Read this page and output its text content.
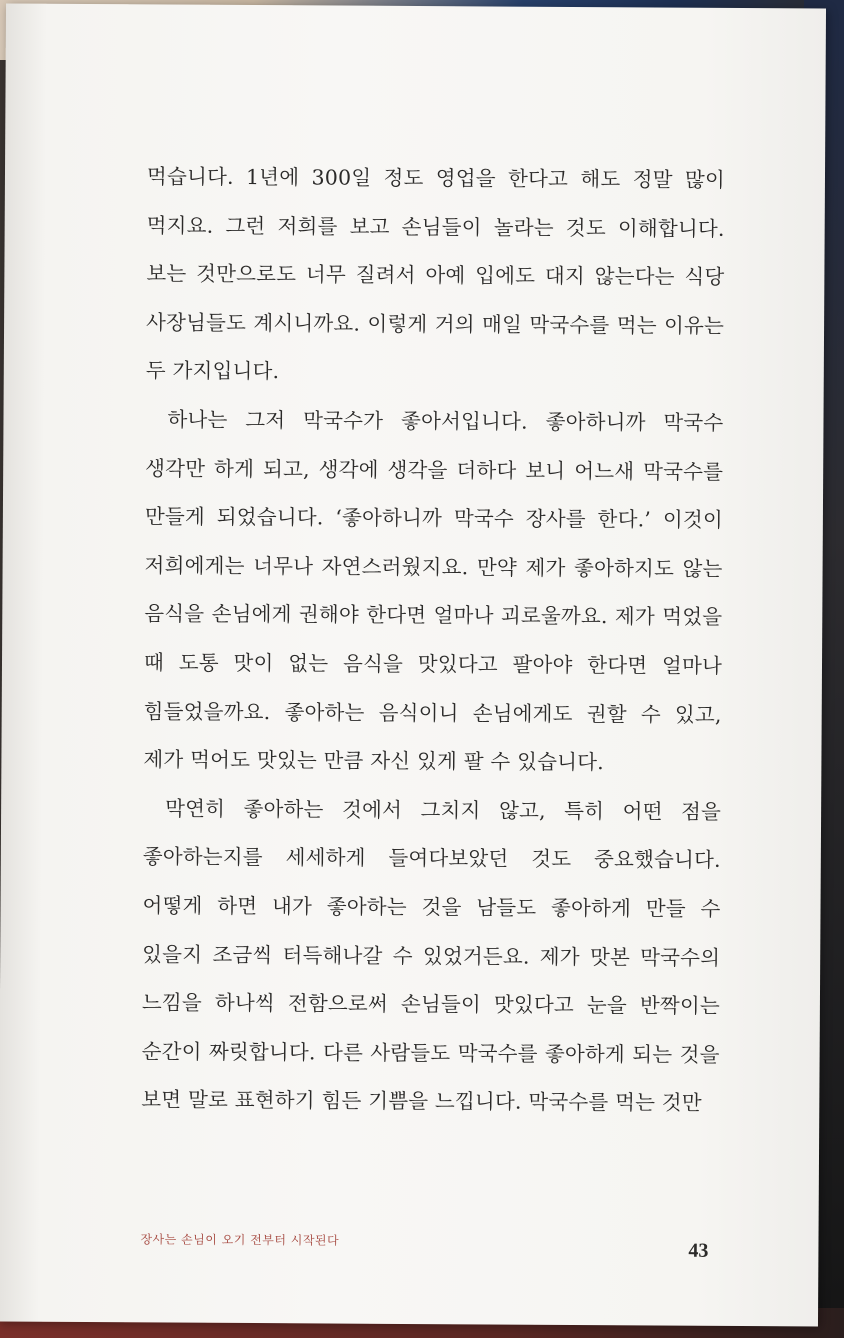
먹습니다. 1년에 300일 정도 영업을 한다고 해도 정말 많이 먹지요. 그런 저희를 보고 손님들이 놀라는 것도 이해합니다. 보는 것만으로도 너무 질려서 아예 입에도 대지 않는다는 식당 사장님들도 계시니까요. 이렇게 거의 매일 막국수를 먹는 이유는 두 가지입니다.

하나는 그저 막국수가 좋아서입니다. 좋아하니까 막국수 생각만 하게 되고, 생각에 생각을 더하다 보니 어느새 막국수를 만들게 되었습니다. ‘좋아하니까 막국수 장사를 한다.’ 이것이 저희에게는 너무나 자연스러웠지요. 만약 제가 좋아하지도 않는 음식을 손님에게 권해야 한다면 얼마나 괴로울까요. 제가 먹었을 때 도통 맛이 없는 음식을 맛있다고 팔아야 한다면 얼마나 힘들었을까요. 좋아하는 음식이니 손님에게도 권할 수 있고, 제가 먹어도 맛있는 만큼 자신 있게 팔 수 있습니다.

막연히 좋아하는 것에서 그치지 않고, 특히 어떤 점을 좋아하는지를 세세하게 들여다보았던 것도 중요했습니다. 어떻게 하면 내가 좋아하는 것을 남들도 좋아하게 만들 수 있을지 조금씩 터득해나갈 수 있었거든요. 제가 맛본 막국수의 느낌을 하나씩 전함으로써 손님들이 맛있다고 눈을 반짝이는 순간이 짜릿합니다. 다른 사람들도 막국수를 좋아하게 되는 것을 보면 말로 표현하기 힘든 기쁨을 느낍니다. 막국수를 먹는 것만

장사는 손님이 오기 전부터 시작된다	43
